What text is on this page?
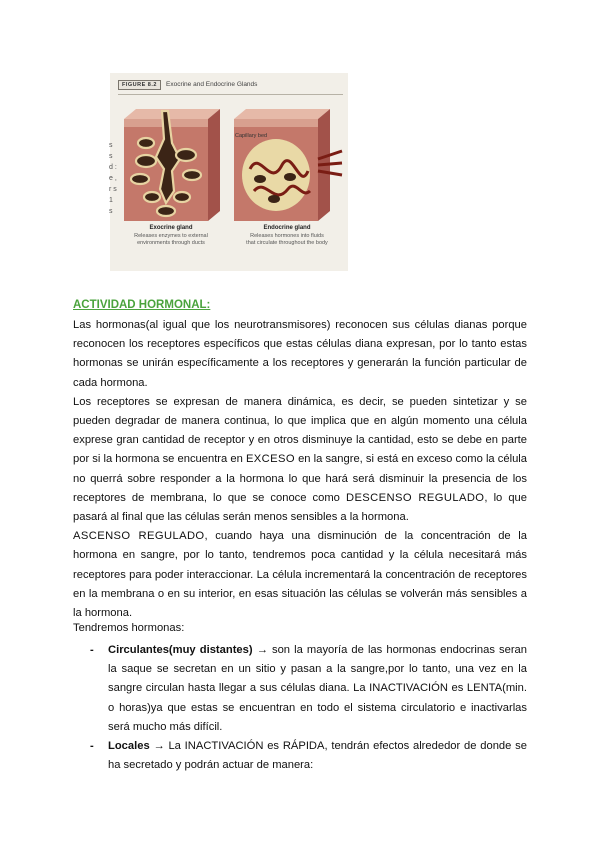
FIGURE 8.2	Exocrine and Endocrine Glands
Capillary bed
Exocrine gland
Releases enzymes to external
environments through ducts
Endocrine gland
Releases hormones into fluids
that circulate throughout the body
s s d : e , r s 1 s
ACTIVIDAD HORMONAL:

Las hormonas(al igual que los neurotransmisores) reconocen sus células dianas porque reconocen los receptores específicos que estas células diana expresan, por lo tanto estas hormonas se unirán específicamente a los receptores y generarán la función particular de cada hormona.

Los receptores se expresan de manera dinámica, es decir, se pueden sintetizar y se pueden degradar de manera continua, lo que implica que en algún momento una célula exprese gran cantidad de receptor y en otros disminuye la cantidad, esto se debe en parte por si la hormona se encuentra en EXCESO en la sangre, si está en exceso como la célula no querrá sobre responder a la hormona lo que hará será disminuir la presencia de los receptores de membrana, lo que se conoce como DESCENSO REGULADO, lo que pasará al final que las células serán menos sensibles a la hormona.

ASCENSO REGULADO, cuando haya una disminución de la concentración de la hormona en sangre, por lo tanto, tendremos poca cantidad y la célula necesitará más receptores para poder interaccionar. La célula incrementará la concentración de receptores en la membrana o en su interior, en esas situación las células se volverán más sensibles a la hormona.

Tendremos hormonas:
- Circulantes(muy distantes) → son la mayoría de las hormonas endocrinas seran la saque se secretan en un sitio y pasan a la sangre,por lo tanto, una vez en la sangre circulan hasta llegar a sus células diana. La INACTIVACIÓN es LENTA(min. o horas)ya que estas se encuentran en todo el sistema circulatorio e inactivarlas será mucho más difícil.
- Locales → La INACTIVACIÓN es RÁPIDA, tendrán efectos alrededor de donde se ha secretado y podrán actuar de manera:
